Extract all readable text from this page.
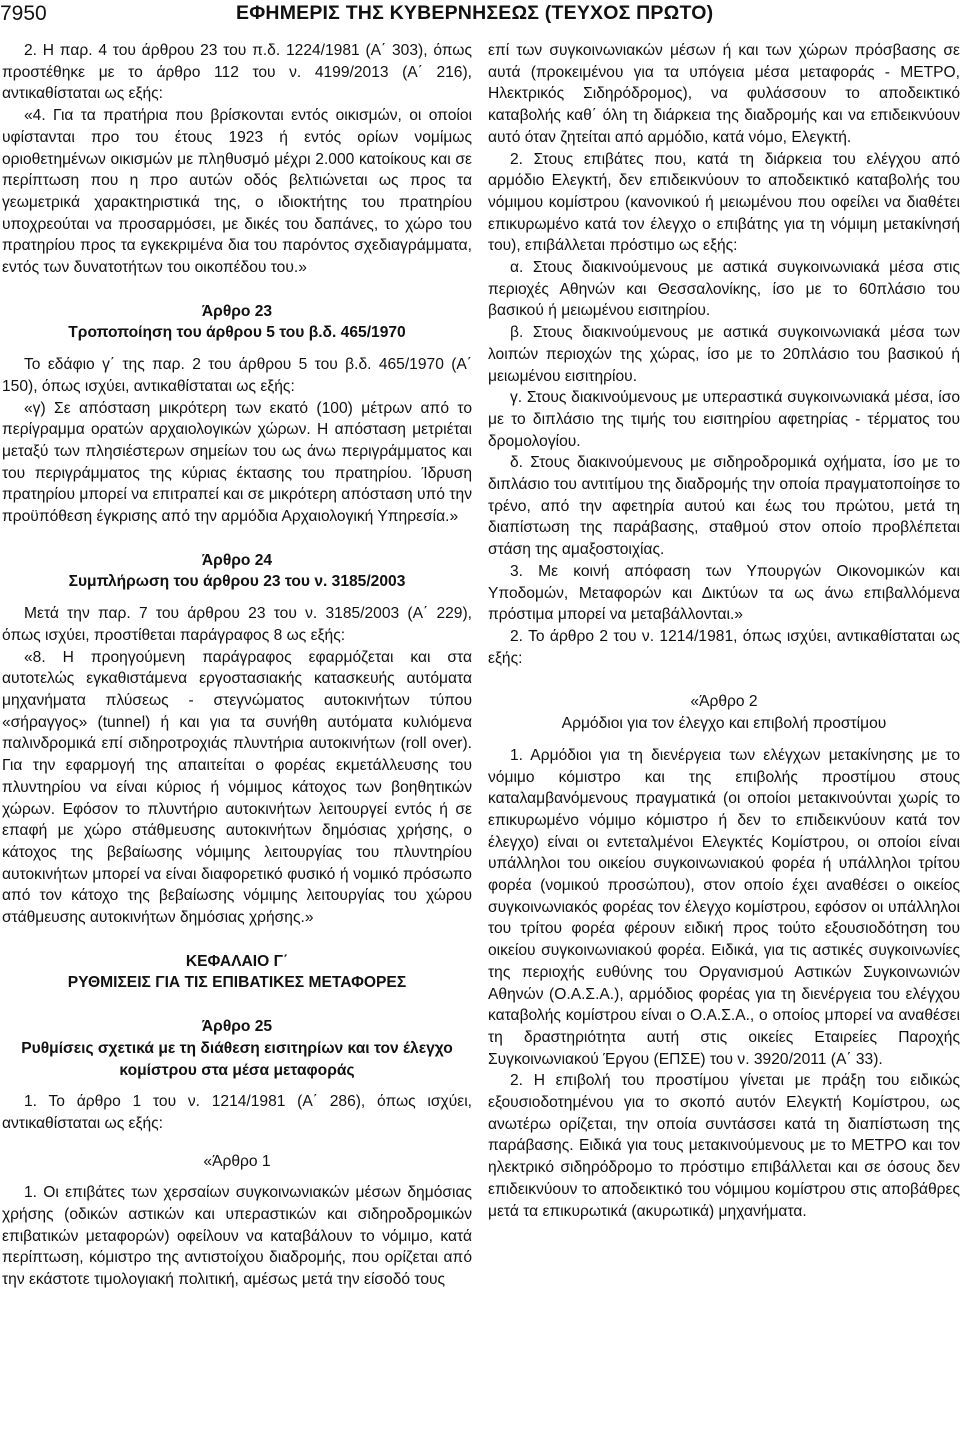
7950	ΕΦΗΜΕΡΙΣ ΤΗΣ ΚΥΒΕΡΝΗΣΕΩΣ (ΤΕΥΧΟΣ ΠΡΩΤΟ)

2. Η παρ. 4 του άρθρου 23 του π.δ. 1224/1981 (Α΄ 303), όπως προστέθηκε με το άρθρο 112 του ν. 4199/2013 (Α΄ 216), αντικαθίσταται ως εξής:

«4. Για τα πρατήρια που βρίσκονται εντός οικισμών, οι οποίοι υφίστανται προ του έτους 1923 ή εντός ορίων νομίμως οριοθετημένων οικισμών με πληθυσμό μέχρι 2.000 κατοίκους και σε περίπτωση που η προ αυτών οδός βελτιώνεται ως προς τα γεωμετρικά χαρακτηριστικά της, ο ιδιοκτήτης του πρατηρίου υποχρεούται να προσαρμόσει, με δικές του δαπάνες, το χώρο του πρατηρίου προς τα εγκεκριμένα δια του παρόντος σχεδιαγράμματα, εντός των δυνατοτήτων του οικοπέδου του.»

Άρθρο 23

Τροποποίηση του άρθρου 5 του β.δ. 465/1970

Το εδάφιο γ΄ της παρ. 2 του άρθρου 5 του β.δ. 465/1970 (Α΄ 150), όπως ισχύει, αντικαθίσταται ως εξής:

«γ) Σε απόσταση μικρότερη των εκατό (100) μέτρων από το περίγραμμα ορατών αρχαιολογικών χώρων. Η απόσταση μετριέται μεταξύ των πλησιέστερων σημείων του ως άνω περιγράμματος και του περιγράμματος της κύριας έκτασης του πρατηρίου. Ίδρυση πρατηρίου μπορεί να επιτραπεί και σε μικρότερη απόσταση υπό την προϋπόθεση έγκρισης από την αρμόδια Αρχαιολογική Υπηρεσία.»

Άρθρο 24

Συμπλήρωση του άρθρου 23 του ν. 3185/2003

Μετά την παρ. 7 του άρθρου 23 του ν. 3185/2003 (Α΄ 229), όπως ισχύει, προστίθεται παράγραφος 8 ως εξής:

«8. Η προηγούμενη παράγραφος εφαρμόζεται και στα αυτοτελώς εγκαθιστάμενα εργοστασιακής κατασκευής αυτόματα μηχανήματα πλύσεως - στεγνώματος αυτοκινήτων τύπου «σήραγγος» (tunnel) ή και για τα συνήθη αυτόματα κυλιόμενα παλινδρομικά επί σιδηροτροχιάς πλυντήρια αυτοκινήτων (roll over). Για την εφαρμογή της απαιτείται ο φορέας εκμετάλλευσης του πλυντηρίου να είναι κύριος ή νόμιμος κάτοχος των βοηθητικών χώρων. Εφόσον το πλυντήριο αυτοκινήτων λειτουργεί εντός ή σε επαφή με χώρο στάθμευσης αυτοκινήτων δημόσιας χρήσης, ο κάτοχος της βεβαίωσης νόμιμης λειτουργίας του πλυντηρίου αυτοκινήτων μπορεί να είναι διαφορετικό φυσικό ή νομικό πρόσωπο από τον κάτοχο της βεβαίωσης νόμιμης λειτουργίας του χώρου στάθμευσης αυτοκινήτων δημόσιας χρήσης.»

ΚΕΦΑΛΑΙΟ Γ΄

ΡΥΘΜΙΣΕΙΣ ΓΙΑ ΤΙΣ ΕΠΙΒΑΤΙΚΕΣ ΜΕΤΑΦΟΡΕΣ

Άρθρο 25

Ρυθμίσεις σχετικά με τη διάθεση εισιτηρίων και τον έλεγχο κομίστρου στα μέσα μεταφοράς

1. Το άρθρο 1 του ν. 1214/1981 (Α΄ 286), όπως ισχύει, αντικαθίσταται ως εξής:

«Άρθρο 1

1. Οι επιβάτες των χερσαίων συγκοινωνιακών μέσων δημόσιας χρήσης (οδικών αστικών και υπεραστικών και σιδηροδρομικών επιβατικών μεταφορών) οφείλουν να καταβάλουν το νόμιμο, κατά περίπτωση, κόμιστρο της αντιστοίχου διαδρομής, που ορίζεται από την εκάστοτε τιμολογιακή πολιτική, αμέσως μετά την είσοδό τους

επί των συγκοινωνιακών μέσων ή και των χώρων πρόσβασης σε αυτά (προκειμένου για τα υπόγεια μέσα μεταφοράς - ΜΕΤΡΟ, Ηλεκτρικός Σιδηρόδρομος), να φυλάσσουν το αποδεικτικό καταβολής καθ΄ όλη τη διάρκεια της διαδρομής και να επιδεικνύουν αυτό όταν ζητείται από αρμόδιο, κατά νόμο, Ελεγκτή.

2. Στους επιβάτες που, κατά τη διάρκεια του ελέγχου από αρμόδιο Ελεγκτή, δεν επιδεικνύουν το αποδεικτικό καταβολής του νόμιμου κομίστρου (κανονικού ή μειωμένου που οφείλει να διαθέτει επικυρωμένο κατά τον έλεγχο ο επιβάτης για τη νόμιμη μετακίνησή του), επιβάλλεται πρόστιμο ως εξής:

α. Στους διακινούμενους με αστικά συγκοινωνιακά μέσα στις περιοχές Αθηνών και Θεσσαλονίκης, ίσο με το 60πλάσιο του βασικού ή μειωμένου εισιτηρίου.

β. Στους διακινούμενους με αστικά συγκοινωνιακά μέσα των λοιπών περιοχών της χώρας, ίσο με το 20πλάσιο του βασικού ή μειωμένου εισιτηρίου.

γ. Στους διακινούμενους με υπεραστικά συγκοινωνιακά μέσα, ίσο με το διπλάσιο της τιμής του εισιτηρίου αφετηρίας - τέρματος του δρομολογίου.

δ. Στους διακινούμενους με σιδηροδρομικά οχήματα, ίσο με το διπλάσιο του αντιτίμου της διαδρομής την οποία πραγματοποίησε το τρένο, από την αφετηρία αυτού και έως του πρώτου, μετά τη διαπίστωση της παράβασης, σταθμού στον οποίο προβλέπεται στάση της αμαξοστοιχίας.

3. Με κοινή απόφαση των Υπουργών Οικονομικών και Υποδομών, Μεταφορών και Δικτύων τα ως άνω επιβαλλόμενα πρόστιμα μπορεί να μεταβάλλονται.»

2. Το άρθρο 2 του ν. 1214/1981, όπως ισχύει, αντικαθίσταται ως εξής:

«Άρθρο 2

Αρμόδιοι για τον έλεγχο και επιβολή προστίμου

1. Αρμόδιοι για τη διενέργεια των ελέγχων μετακίνησης με το νόμιμο κόμιστρο και της επιβολής προστίμου στους καταλαμβανόμενους πραγματικά (οι οποίοι μετακινούνται χωρίς το επικυρωμένο νόμιμο κόμιστρο ή δεν το επιδεικνύουν κατά τον έλεγχο) είναι οι εντεταλμένοι Ελεγκτές Κομίστρου, οι οποίοι είναι υπάλληλοι του οικείου συγκοινωνιακού φορέα ή υπάλληλοι τρίτου φορέα (νομικού προσώπου), στον οποίο έχει αναθέσει ο οικείος συγκοινωνιακός φορέας τον έλεγχο κομίστρου, εφόσον οι υπάλληλοι του τρίτου φορέα φέρουν ειδική προς τούτο εξουσιοδότηση του οικείου συγκοινωνιακού φορέα. Ειδικά, για τις αστικές συγκοινωνίες της περιοχής ευθύνης του Οργανισμού Αστικών Συγκοινωνιών Αθηνών (Ο.Α.Σ.Α.), αρμόδιος φορέας για τη διενέργεια του ελέγχου καταβολής κομίστρου είναι ο Ο.Α.Σ.Α., ο οποίος μπορεί να αναθέσει τη δραστηριότητα αυτή στις οικείες Εταιρείες Παροχής Συγκοινωνιακού Έργου (ΕΠΣΕ) του ν. 3920/2011 (Α΄ 33).

2. Η επιβολή του προστίμου γίνεται με πράξη του ειδικώς εξουσιοδοτημένου για το σκοπό αυτόν Ελεγκτή Κομίστρου, ως ανωτέρω ορίζεται, την οποία συντάσσει κατά τη διαπίστωση της παράβασης. Ειδικά για τους μετακινούμενους με το ΜΕΤΡΟ και τον ηλεκτρικό σιδηρόδρομο το πρόστιμο επιβάλλεται και σε όσους δεν επιδεικνύουν το αποδεικτικό του νόμιμου κομίστρου στις αποβάθρες μετά τα επικυρωτικά (ακυρωτικά) μηχανήματα.
